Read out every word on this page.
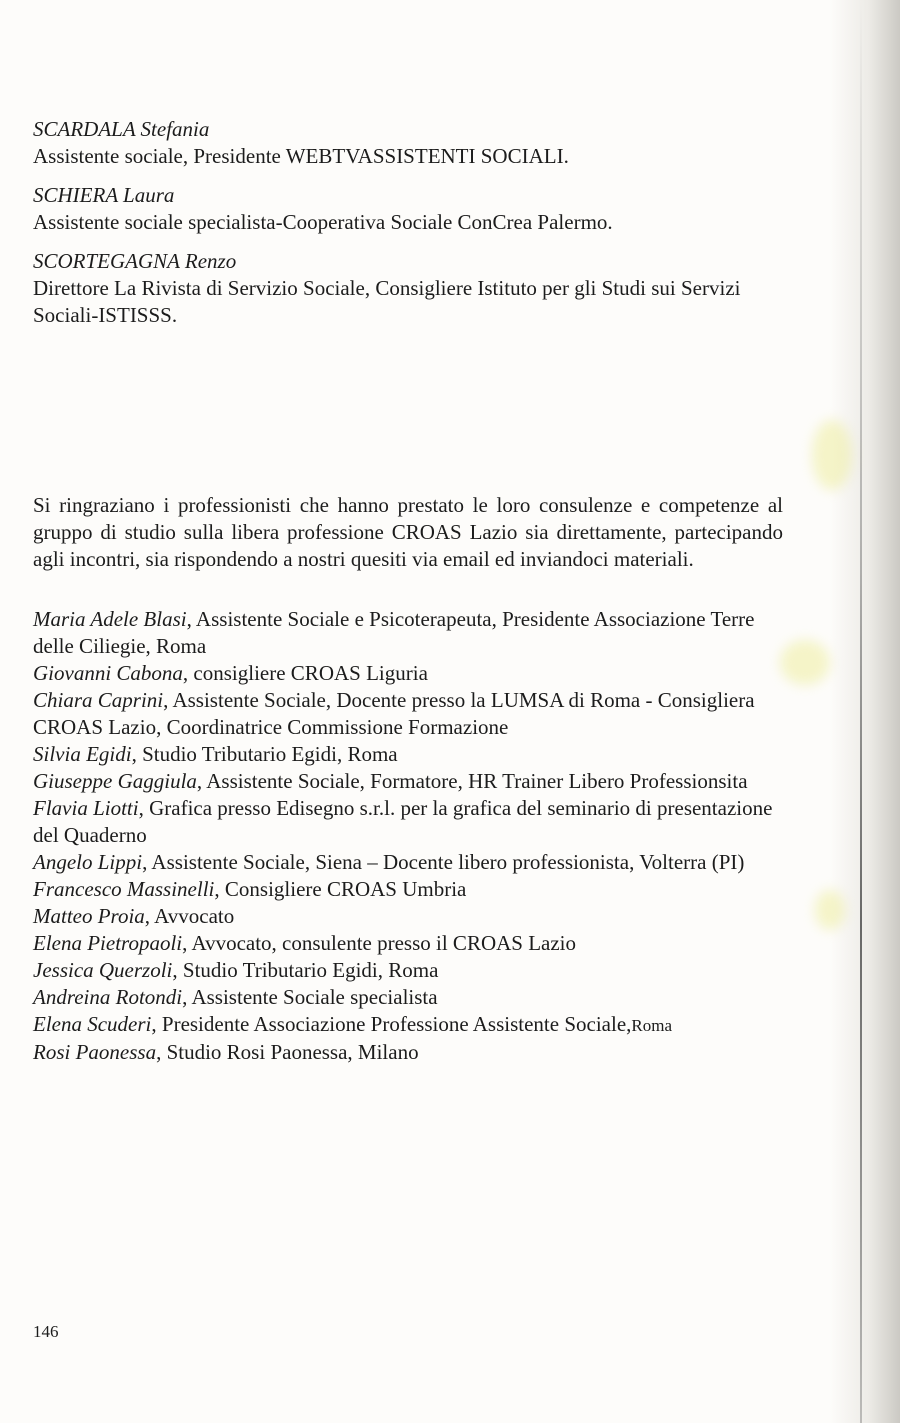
SCARDALA Stefania
Assistente sociale, Presidente WEBTVASSISTENTI SOCIALI.
SCHIERA Laura
Assistente sociale specialista-Cooperativa Sociale ConCrea Palermo.
SCORTEGAGNA Renzo
Direttore La Rivista di Servizio Sociale, Consigliere Istituto per gli Studi sui Servizi Sociali-ISTISSS.

Si ringraziano i professionisti che hanno prestato le loro consulenze e competenze al gruppo di studio sulla libera professione CROAS Lazio sia direttamente, partecipando agli incontri, sia rispondendo a nostri quesiti via email ed inviandoci materiali.

Maria Adele Blasi, Assistente Sociale e Psicoterapeuta, Presidente Associazione Terre delle Ciliegie, Roma

Giovanni Cabona, consigliere CROAS Liguria

Chiara Caprini, Assistente Sociale, Docente presso la LUMSA di Roma - Consigliera CROAS Lazio, Coordinatrice Commissione Formazione

Silvia Egidi, Studio Tributario Egidi, Roma

Giuseppe Gaggiula, Assistente Sociale, Formatore, HR Trainer Libero Professionsita

Flavia Liotti, Grafica presso Edisegno s.r.l. per la grafica del seminario di presentazione del Quaderno

Angelo Lippi, Assistente Sociale, Siena – Docente libero professionista, Volterra (PI)

Francesco Massinelli, Consigliere CROAS Umbria

Matteo Proia, Avvocato

Elena Pietropaoli, Avvocato, consulente presso il CROAS Lazio

Jessica Querzoli, Studio Tributario Egidi, Roma

Andreina Rotondi, Assistente Sociale specialista

Elena Scuderi, Presidente Associazione Professione Assistente Sociale,Roma

Rosi Paonessa, Studio Rosi Paonessa, Milano

146
